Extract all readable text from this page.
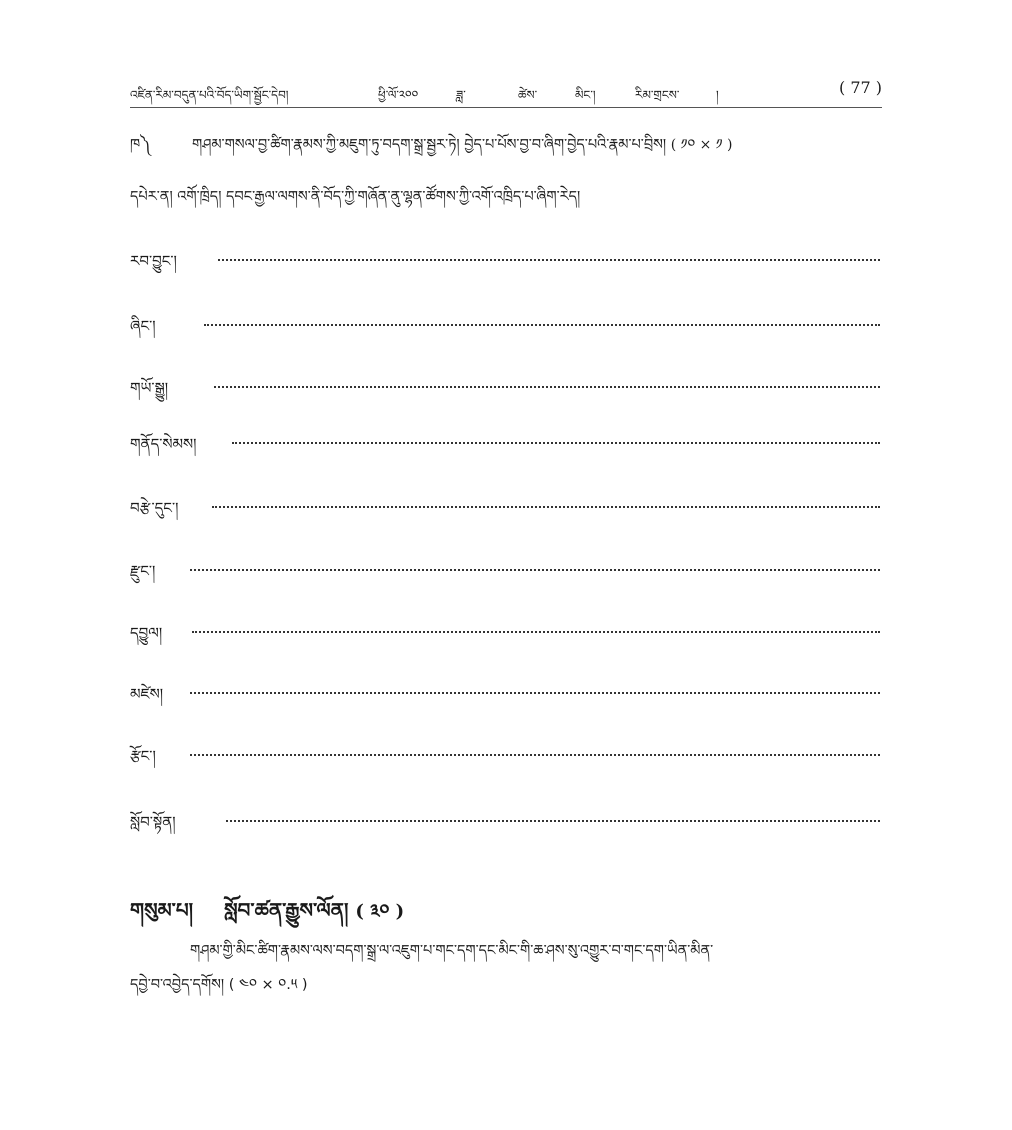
འཛིན་རིམ་བདུན་པའི་བོད་ཡིག་སྦྱོང་དེབ།	ཕྱི་ལོ་༢༠༠	ཟླ་	ཚེས་	མིང་།	རིམ་གྲངས་	།	( 77 )
ཁ༽	གཤམ་གསལ་བྱ་ཚིག་རྣམས་ཀྱི་མཇུག་ཏུ་བདག་སྒྲ་སྦྱར་ཏེ། བྱེད་པ་པོས་བྱ་བ་ཞིག་བྱེད་པའི་རྣམ་པ་བྲིས། ( ༡༠ × ༡ )
དཔེར་ན། འགོ་ཁྲིད། དབང་རྒྱལ་ལགས་ནི་བོད་ཀྱི་གཞོན་ནུ་ལྷན་ཚོགས་ཀྱི་འགོ་འཁྲིད་པ་ཞིག་རེད།
རབ་བྱུང་།
ཞིང་།
གཡོ་སྒྱུ།
གནོད་སེམས།
བརྩེ་དུང་།
རྫུང་།
དབྱུལ།
མཛེས།
རྩོང་།
སློབ་སྟོན།
གསུམ་པ། སློབ་ཚན་རྒྱུས་ལོན། ( ༣༠ )
གཤམ་གྱི་མིང་ཚིག་རྣམས་ལས་བདག་སྒྲ་ལ་འཇུག་པ་གང་དག་དང་མིང་གི་ཆ་ཤས་སུ་འགྱུར་བ་གང་དག་ཡིན་མིན་
དབྱེ་བ་འབྱེད་དགོས། ( ༤༠ × ༠.༥ )
